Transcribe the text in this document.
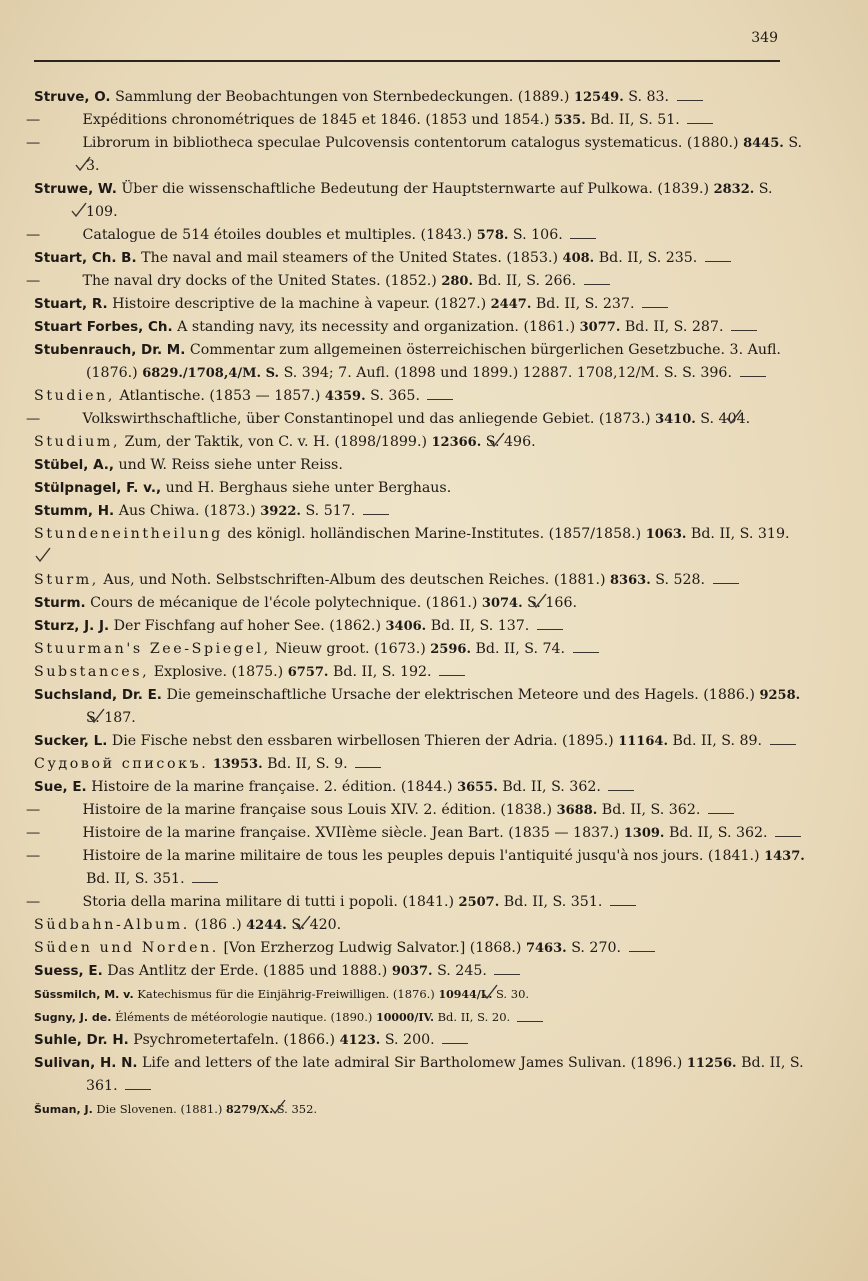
349
Struve, O. Sammlung der Beobachtungen von Sternbedeckungen. (1889.) 12549. S. 83.
—	Expéditions chronométriques de 1845 et 1846. (1853 und 1854.) 535. Bd. II, S. 51.
—	Librorum in bibliotheca speculae Pulcovensis contentorum catalogus systematicus. (1880.) 8445. S. 3.
Struwe, W. Über die wissenschaftliche Bedeutung der Hauptsternwarte auf Pulkowa. (1839.) 2832. S. 109.
—	Catalogue de 514 étoiles doubles et multiples. (1843.) 578. S. 106.
Stuart, Ch. B. The naval and mail steamers of the United States. (1853.) 408. Bd. II, S. 235.
—	The naval dry docks of the United States. (1852.) 280. Bd. II, S. 266.
Stuart, R. Histoire descriptive de la machine à vapeur. (1827.) 2447. Bd. II, S. 237.
Stuart Forbes, Ch. A standing navy, its necessity and organization. (1861.) 3077. Bd. II, S. 287.
Stubenrauch, Dr. M. Commentar zum allgemeinen österreichischen bürgerlichen Gesetzbuche. 3. Aufl. (1876.) 6829./1708,4/M. S. S. 394; 7. Aufl. (1898 und 1899.) 12887. 1708,12/M. S. S. 396.
Studien, Atlantische. (1853 — 1857.) 4359. S. 365.
—	Volkswirthschaftliche, über Constantinopel und das anliegende Gebiet. (1873.) 3410. S. 404.
Studium, Zum, der Taktik, von C. v. H. (1898/1899.) 12366. S. 496.
Stübel, A., und W. Reiss siehe unter Reiss.
Stülpnagel, F. v., und H. Berghaus siehe unter Berghaus.
Stumm, H. Aus Chiwa. (1873.) 3922. S. 517.
Stundeneintheilung des königl. holländischen Marine-Institutes. (1857/1858.) 1063. Bd. II, S. 319.
Sturm, Aus, und Noth. Selbstschriften-Album des deutschen Reiches. (1881.) 8363. S. 528.
Sturm. Cours de mécanique de l'école polytechnique. (1861.) 3074. S. 166.
Sturz, J. J. Der Fischfang auf hoher See. (1862.) 3406. Bd. II, S. 137.
Stuurman's Zee-Spiegel, Nieuw groot. (1673.) 2596. Bd. II, S. 74.
Substances, Explosive. (1875.) 6757. Bd. II, S. 192.
Suchsland, Dr. E. Die gemeinschaftliche Ursache der elektrischen Meteore und des Hagels. (1886.) 9258. S. 187.
Sucker, L. Die Fische nebst den essbaren wirbellosen Thieren der Adria. (1895.) 11164. Bd. II, S. 89.
Судовой списокъ. 13953. Bd. II, S. 9.
Sue, E. Histoire de la marine française. 2. édition. (1844.) 3655. Bd. II, S. 362.
—	Histoire de la marine française sous Louis XIV. 2. édition. (1838.) 3688. Bd. II, S. 362.
—	Histoire de la marine française. XVIIème siècle. Jean Bart. (1835 — 1837.) 1309. Bd. II, S. 362.
—	Histoire de la marine militaire de tous les peuples depuis l'antiquité jusqu'à nos jours. (1841.) 1437. Bd. II, S. 351.
—	Storia della marina militare di tutti i popoli. (1841.) 2507. Bd. II, S. 351.
Südbahn-Album. (186 .) 4244. S. 420.
Süden und Norden. [Von Erzherzog Ludwig Salvator.] (1868.) 7463. S. 270.
Suess, E. Das Antlitz der Erde. (1885 und 1888.) 9037. S. 245.
Süssmilch, M. v. Katechismus für die Einjährig-Freiwilligen. (1876.) 10944/L. S. 30.
Sugny, J. de. Éléments de météorologie nautique. (1890.) 10000/IV. Bd. II, S. 20.
Suhle, Dr. H. Psychrometertafeln. (1866.) 4123. S. 200.
Sulivan, H. N. Life and letters of the late admiral Sir Bartholomew James Sulivan. (1896.) 11256. Bd. II, S. 361.
Šuman, J. Die Slovenen. (1881.) 8279/X. S. 352.
